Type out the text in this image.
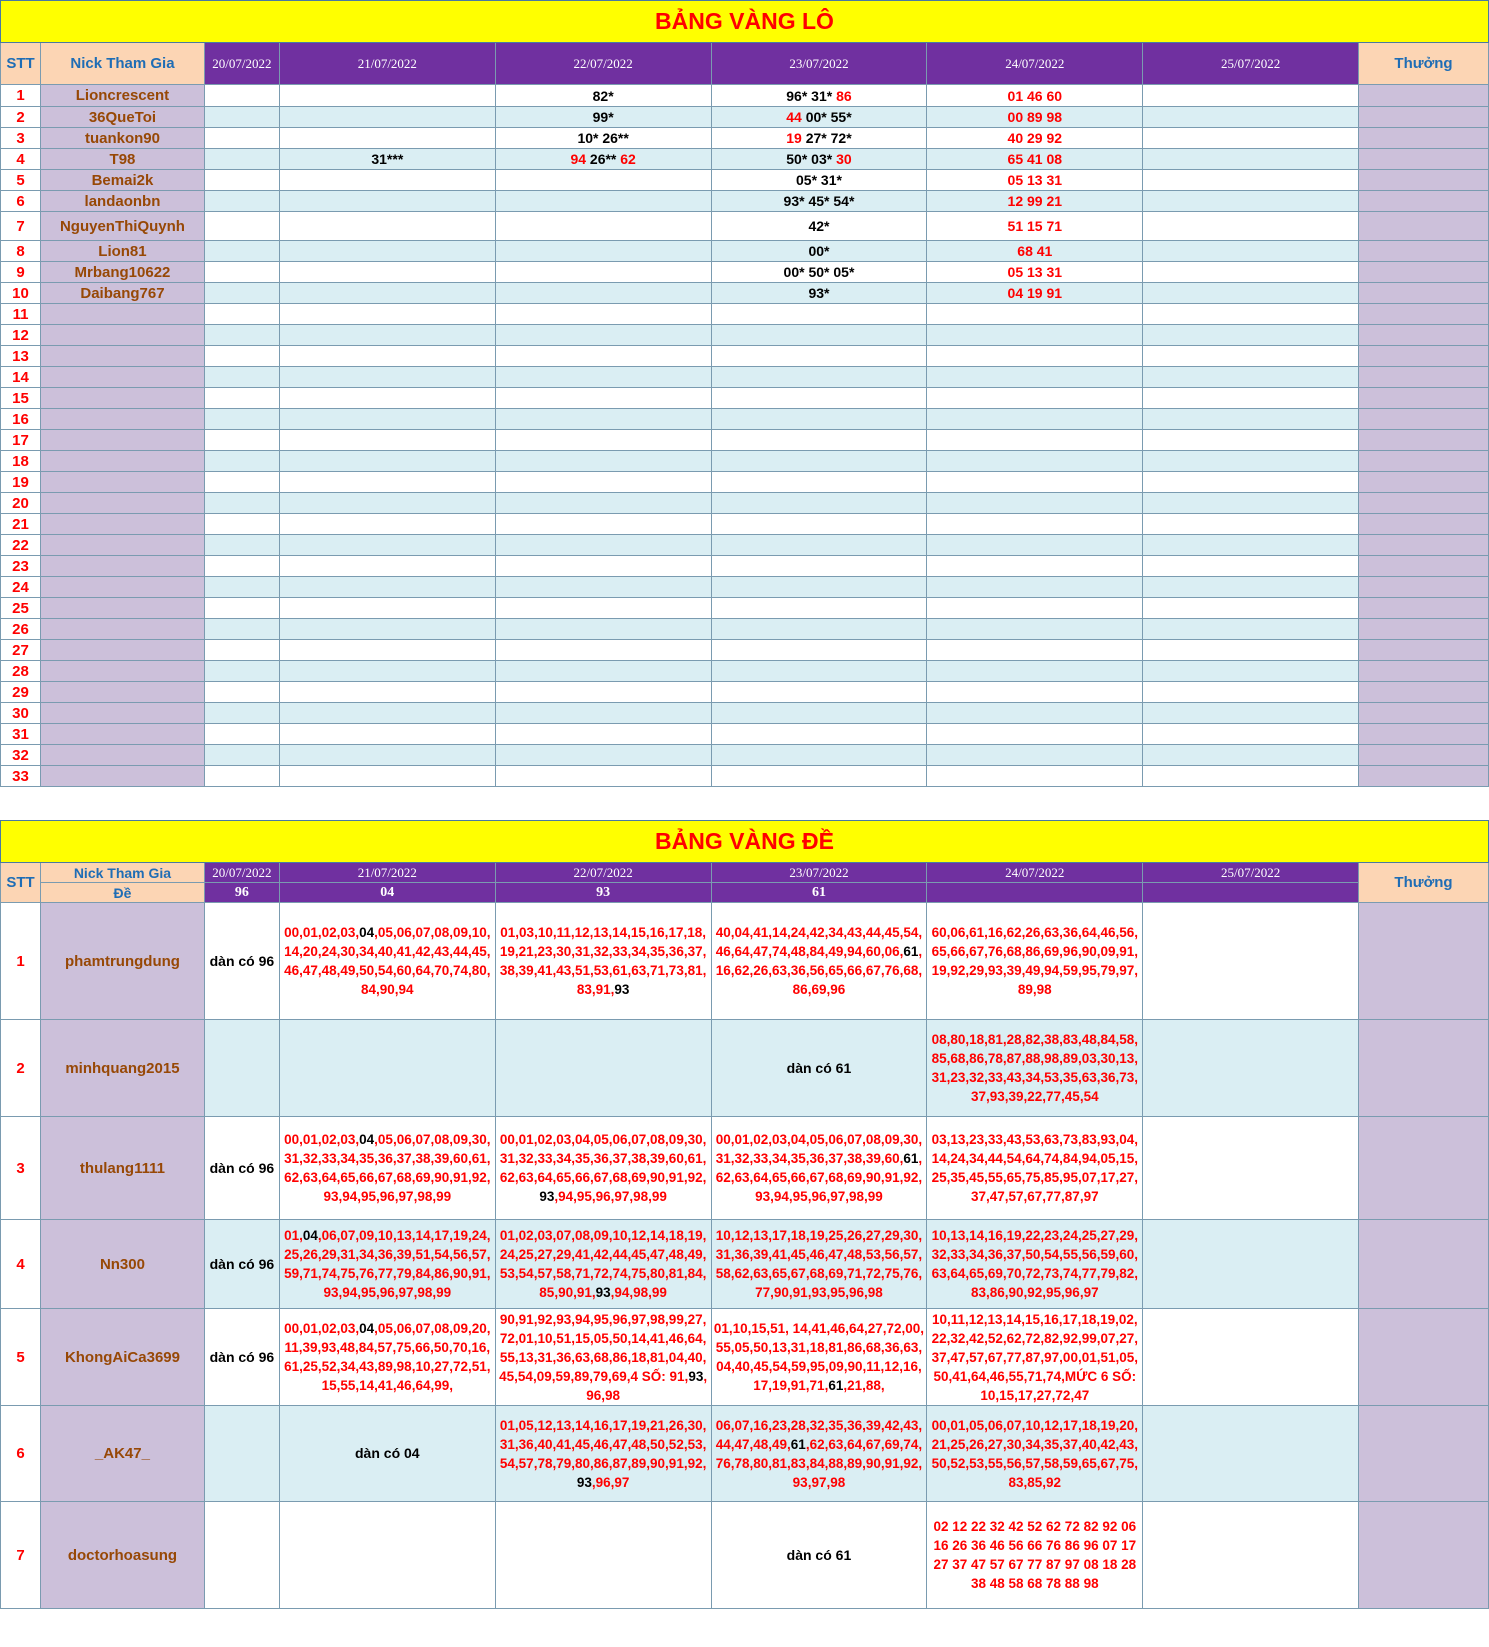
BẢNG VÀNG LÔ								
STT	Nick Tham Gia	20/07/2022	21/07/2022	22/07/2022	23/07/2022	24/07/2022	25/07/2022	Thưởng
1	Lioncrescent			82*	96* 31* 86	01 46 60		
2	36QueToi			99*	44 00* 55*	00 89 98		
3	tuankon90			10* 26**	19 27* 72*	40 29 92		
4	T98		31***	94 26** 62	50* 03* 30	65 41 08		
5	Bemai2k				05* 31*	05 13 31		
6	landaonbn				93* 45* 54*	12 99 21		
7	NguyenThiQuynh				42*	51 15 71		
8	Lion81				00*	68 41		
9	Mrbang10622				00* 50* 05*	05 13 31		
10	Daibang767				93*	04 19 91		
11								
12								
13								
14								
15								
16								
17								
18								
19								
20								
21								
22								
23								
24								
25								
26								
27								
28								
29								
30								
31								
32								
33								
BẢNG VÀNG ĐỀ								
STT	Nick Tham Gia	20/07/2022	21/07/2022	22/07/2022	23/07/2022	24/07/2022	25/07/2022	Thưởng
	Đề	96	04	93	61			
1	phamtrungdung	dàn có 96	00,01,02,03,04,05,06,07,08,09,10,14,20,24,30,34,40,41,42,43,44,45,46,47,48,49,50,54,60,64,70,74,80,84,90,94	01,03,10,11,12,13,14,15,16,17,18,19,21,23,30,31,32,33,34,35,36,37,38,39,41,43,51,53,61,63,71,73,81,83,91,93	40,04,41,14,24,42,34,43,44,45,54,46,64,47,74,48,84,49,94,60,06,61,16,62,26,63,36,56,65,66,67,76,68,86,69,96	60,06,61,16,62,26,63,36,64,46,56,65,66,67,76,68,86,69,96,90,09,91,19,92,29,93,39,49,94,59,95,79,97,89,98		
2	minhquang2015				dàn có 61	08,80,18,81,28,82,38,83,48,84,58,85,68,86,78,87,88,98,89,03,30,13,31,23,32,33,43,34,53,35,63,36,73,37,93,39,22,77,45,54		
3	thulang1111	dàn có 96	00,01,02,03,04,05,06,07,08,09,30,31,32,33,34,35,36,37,38,39,60,61,62,63,64,65,66,67,68,69,90,91,92,93,94,95,96,97,98,99	00,01,02,03,04,05,06,07,08,09,30,31,32,33,34,35,36,37,38,39,60,61,62,63,64,65,66,67,68,69,90,91,92,93,94,95,96,97,98,99	00,01,02,03,04,05,06,07,08,09,30,31,32,33,34,35,36,37,38,39,60,61,62,63,64,65,66,67,68,69,90,91,92,93,94,95,96,97,98,99	03,13,23,33,43,53,63,73,83,93,04,14,24,34,44,54,64,74,84,94,05,15,25,35,45,55,65,75,85,95,07,17,27,37,47,57,67,77,87,97		
4	Nn300	dàn có 96	01,04,06,07,09,10,13,14,17,19,24,25,26,29,31,34,36,39,51,54,56,57,59,71,74,75,76,77,79,84,86,90,91,93,94,95,96,97,98,99	01,02,03,07,08,09,10,12,14,18,19,24,25,27,29,41,42,44,45,47,48,49,53,54,57,58,71,72,74,75,80,81,84,85,90,91,93,94,98,99	10,12,13,17,18,19,25,26,27,29,30,31,36,39,41,45,46,47,48,53,56,57,58,62,63,65,67,68,69,71,72,75,76,77,90,91,93,95,96,98	10,13,14,16,19,22,23,24,25,27,29,32,33,34,36,37,50,54,55,56,59,60,63,64,65,69,70,72,73,74,77,79,82,83,86,90,92,95,96,97		
5	KhongAiCa3699	dàn có 96	00,01,02,03,04,05,06,07,08,09,20,11,39,93,48,84,57,75,66,50,70,16,61,25,52,34,43,89,98,10,27,72,51,15,55,14,41,46,64,99,	90,91,92,93,94,95,96,97,98,99,27,72,01,10,51,15,05,50,14,41,46,64,55,13,31,36,63,68,86,18,81,04,40,45,54,09,59,89,79,69,4 SỐ: 91,93,96,98	01,10,15,51, 14,41,46,64,27,72,00,55,05,50,13,31,18,81,86,68,36,63,04,40,45,54,59,95,09,90,11,12,16,17,19,91,71,61,21,88,	10,11,12,13,14,15,16,17,18,19,02,22,32,42,52,62,72,82,92,99,07,27,37,47,57,67,77,87,97,00,01,51,05,50,41,64,46,55,71,74,MỨC 6 SỐ: 10,15,17,27,72,47		
6	_AK47_		dàn có 04	01,05,12,13,14,16,17,19,21,26,30,31,36,40,41,45,46,47,48,50,52,53,54,57,78,79,80,86,87,89,90,91,92,93,96,97	06,07,16,23,28,32,35,36,39,42,43,44,47,48,49,61,62,63,64,67,69,74,76,78,80,81,83,84,88,89,90,91,92,93,97,98	00,01,05,06,07,10,12,17,18,19,20,21,25,26,27,30,34,35,37,40,42,43,50,52,53,55,56,57,58,59,65,67,75,83,85,92		
7	doctorhoasung				dàn có 61	02 12 22 32 42 52 62 72 82 92 06 16 26 36 46 56 66 76 86 96 07 17 27 37 47 57 67 77 87 97 08 18 28 38 48 58 68 78 88 98		
